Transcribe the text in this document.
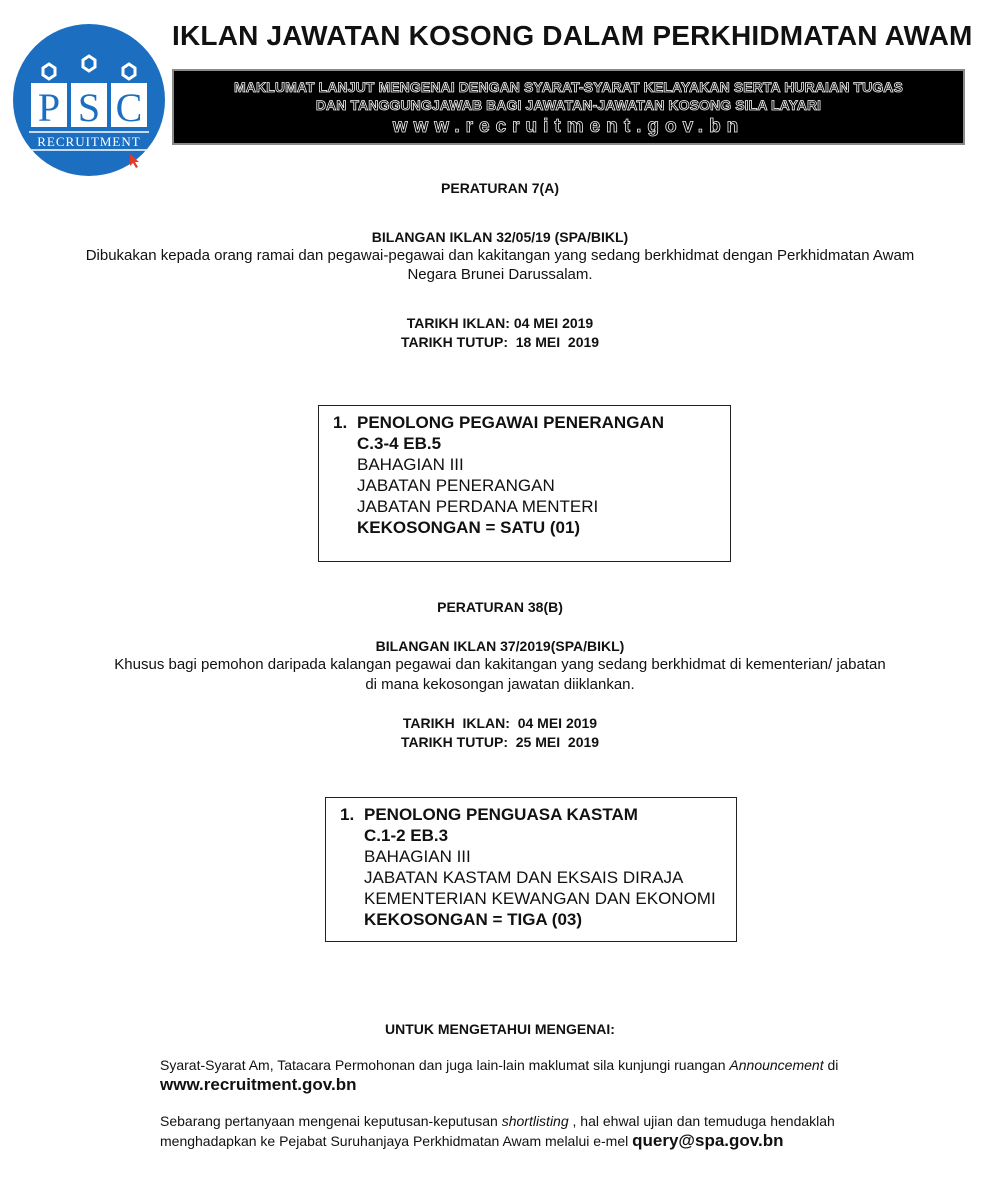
P S C
RECRUITMENT
IKLAN JAWATAN KOSONG DALAM PERKHIDMATAN AWAM
MAKLUMAT LANJUT MENGENAI DENGAN SYARAT-SYARAT KELAYAKAN SERTA HURAIAN TUGAS
DAN TANGGUNGJAWAB BAGI JAWATAN-JAWATAN KOSONG SILA LAYARI
www.recruitment.gov.bn
PERATURAN 7(A)
BILANGAN IKLAN 32/05/19 (SPA/BIKL)
Dibukakan kepada orang ramai dan pegawai-pegawai dan kakitangan yang sedang berkhidmat dengan Perkhidmatan Awam
Negara Brunei Darussalam.
TARIKH IKLAN: 04 MEI 2019
TARIKH TUTUP:  18 MEI  2019
1. PENOLONG PEGAWAI PENERANGAN
C.3-4 EB.5
BAHAGIAN III
JABATAN PENERANGAN
JABATAN PERDANA MENTERI
KEKOSONGAN = SATU (01)
PERATURAN 38(B)
BILANGAN IKLAN 37/2019(SPA/BIKL)
Khusus bagi pemohon daripada kalangan pegawai dan kakitangan yang sedang berkhidmat di kementerian/ jabatan
di mana kekosongan jawatan diiklankan.
TARIKH  IKLAN:  04 MEI 2019
TARIKH TUTUP:  25 MEI  2019
1. PENOLONG PENGUASA KASTAM
C.1-2 EB.3
BAHAGIAN III
JABATAN KASTAM DAN EKSAIS DIRAJA
KEMENTERIAN KEWANGAN DAN EKONOMI
KEKOSONGAN = TIGA (03)
UNTUK MENGETAHUI MENGENAI:
Syarat-Syarat Am, Tatacara Permohonan dan juga lain-lain maklumat sila kunjungi ruangan Announcement di
www.recruitment.gov.bn
Sebarang pertanyaan mengenai keputusan-keputusan shortlisting , hal ehwal ujian dan temuduga hendaklah
menghadapkan ke Pejabat Suruhanjaya Perkhidmatan Awam melalui e-mel query@spa.gov.bn
